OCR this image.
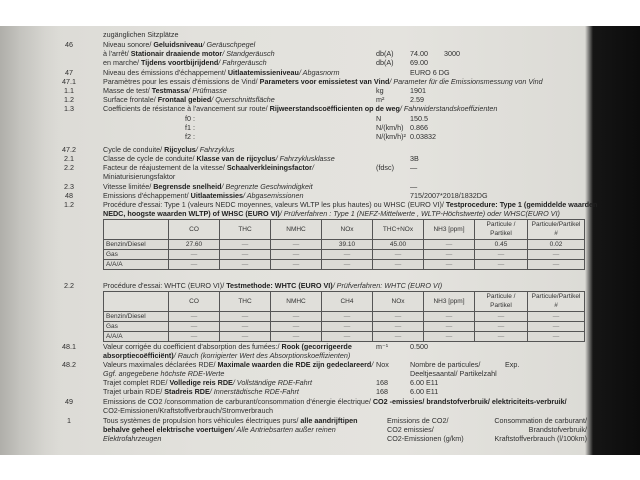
zugänglichen Sitzplätze
46	Niveau sonore/ Geluidsniveau/ Geräuschpegel
à l'arrêt/ Stationair draaiende motor/ Standgeräusch	db(A) 74.00 3000
en marche/ Tijdens voortbijrijdend/ Fahrgeräusch	db(A) 69.00
47	Niveau des émissions d'échappement/ Uitlaatemissieniveau/ Abgasnorm	EURO 6 DG
47.1	Paramètres pour les essais d'émissions de Vind/ Parameters voor emissietest van Vind/ Parameter für die Emissionsmessung von Vind
1.1	Masse de test/ Testmassa/ Prüfmasse	kg	1901
1.2	Surface frontale/ Frontaal gebied/ Querschnittsfläche	m²	2.59
1.3	Coefficients de résistance à l'avancement sur route/ Rijweerstandscoëfficienten op de weg/ Fahrwiderstandskoeffizienten
f0 :	N	150.5
f1 :	N/(km/h) 0.866
f2 :	N/(km/h)² 0.03832
47.2	Cycle de conduite/ Rijcyclus/ Fahrzyklus
2.1	Classe de cycle de conduite/ Klasse van de rijcyclus/ Fahrzyklusklasse	3B
2.2	Facteur de réajustement de la vitesse/ Schaalverkleiningsfactor/	(fdsc) —
Miniaturisierungsfaktor
2.3	Vitesse limitée/ Begrensde snelheid/ Begrenzte Geschwindigkeit	—
48	Emissions d'échappement/ Uitlaatemissies/ Abgasemissionen	715/2007*2018/1832DG
1.2	Procédure d'essai: Type 1 (valeurs NEDC moyennes, valeurs WLTP les plus hautes) ou WHSC (EURO VI)/ Testprocedure: Type 1 (gemiddelde waarden
NEDC, hoogste waarden WLTP) of WHSC (EURO VI)/ Prüfverfahren : Type 1 (NEFZ-Mittelwerte , WLTP-Höchstwerte) oder WHSC(EURO VI)
	CO	THC	NMHC	NOx	THC+NOx	NH3 [ppm]	Particule / Partikel	Particule/Partikel #
Benzin/Diesel	27.60	—	—	39.10	45.00	—	0.45	0.02
Gas	—	—	—	—	—	—	—	—
A/A/A	—	—	—	—	—	—	—	—
2.2	Procédure d'essai: WHTC (EURO VI)/ Testmethode: WHTC (EURO VI)/ Prüfverfahren: WHTC (EURO VI)
	CO	THC	NMHC	CH4	NOx	NH3 [ppm]	Particule / Partikel	Particule/Partikel #
Benzin/Diesel	—	—	—	—	—	—	—	—
Gas	—	—	—	—	—	—	—	—
A/A/A	—	—	—	—	—	—	—	—
48.1	Valeur corrigée du coefficient d'absorption des fumées:/ Rook (gecorrigeerde	m⁻¹	0.500
absorptiecoëfficiënt)/ Rauch (korrigierter Wert des Absorptionskoeffizienten)
48.2	Valeurs maximales déclarées RDE/ Maximale waarden die RDE zijn gedeclareerd/ Nox	Nombre de particules/	Exp.
Ggf. angegebene höchste RDE-Werte	Deeltjesaantal/ Partikelzahl
Trajet complet RDE/ Volledige reis RDE/ Vollständige RDE-Fahrt	168	6.00 E11
Trajet urbain RDE/ Stadreis RDE/ Innerstädtische RDE-Fahrt	168	6.00 E11
49	Emissions de CO2 /consommation de carburant/consommation d'énergie électrique/ CO2 -emissies/ brandstofverbruik/ elektriciteits-verbruik/
CO2-Emissionen/Kraftstoffverbrauch/Stromverbrauch
1	Tous systèmes de propulsion hors véhicules électriques purs/ alle aandrijftipen
behalve geheel elektrische voertuigen/ Alle Antriebsarten außer reinen
Elektrofahrzeugen
Emissions de CO2/
CO2 emissies/
CO2-Emissionen (g/km)
Consommation de carburant/
Brandstofverbruik/
Kraftstoffverbrauch (l/100km)
